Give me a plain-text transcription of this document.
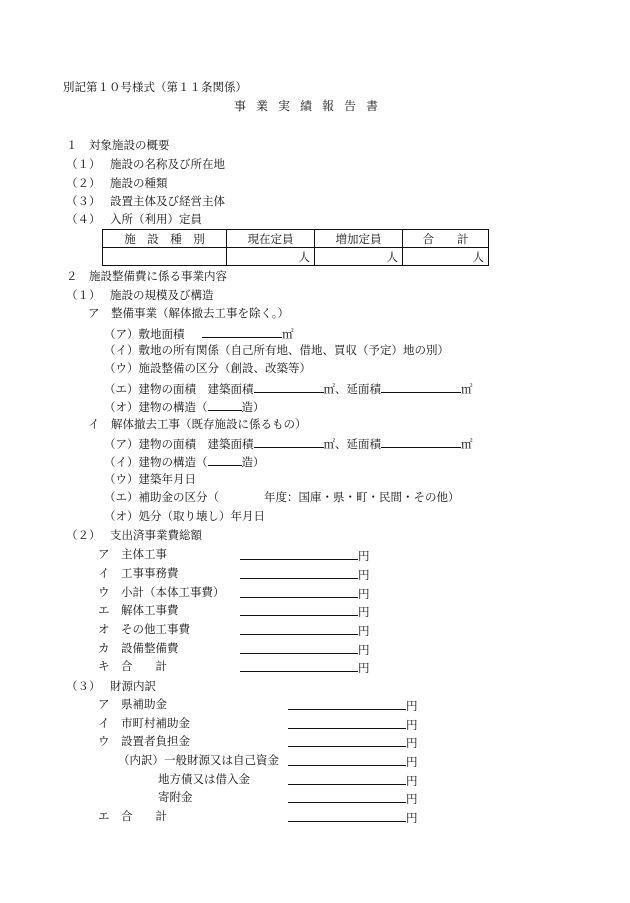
別記第１０号様式（第１１条関係）
事業実績報告書
１　対象施設の概要
（１） 施設の名称及び所在地
（２） 施設の種類
（３） 設置主体及び経営主体
（４） 入所（利用）定員
施　設　種　別	現在定員	増加定員	合　　計
	人	人	人
２　施設整備費に係る事業内容
（１） 施設の規模及び構造
ア　整備事業（解体撤去工事を除く。）
（ア）敷地面積	㎡
（イ）敷地の所有関係（自己所有地、借地、買収（予定）地の別）
（ウ）施設整備の区分（創設、改築等）
（エ）建物の面積　建築面積	㎡、延面積	㎡
（オ）建物の構造（	造）
イ　解体撤去工事（既存施設に係るもの）
（ア）建物の面積　建築面積	㎡、延面積	㎡
（イ）建物の構造（	造）
（ウ）建築年月日
（エ）補助金の区分（	年度：国庫・県・町・民間・その他）
（オ）処分（取り壊し）年月日
（２） 支出済事業費総額
ア　主体工事	円
イ　工事事務費	円
ウ　小計（本体工事費）	円
エ　解体工事費	円
オ　その他工事費	円
カ　設備整備費	円
キ　合　　計	円
（３） 財源内訳
ア　県補助金	円
イ　市町村補助金	円
ウ　設置者負担金	円
（内訳）一般財源又は自己資金	円
地方債又は借入金	円
寄附金	円
エ　合　　計	円
